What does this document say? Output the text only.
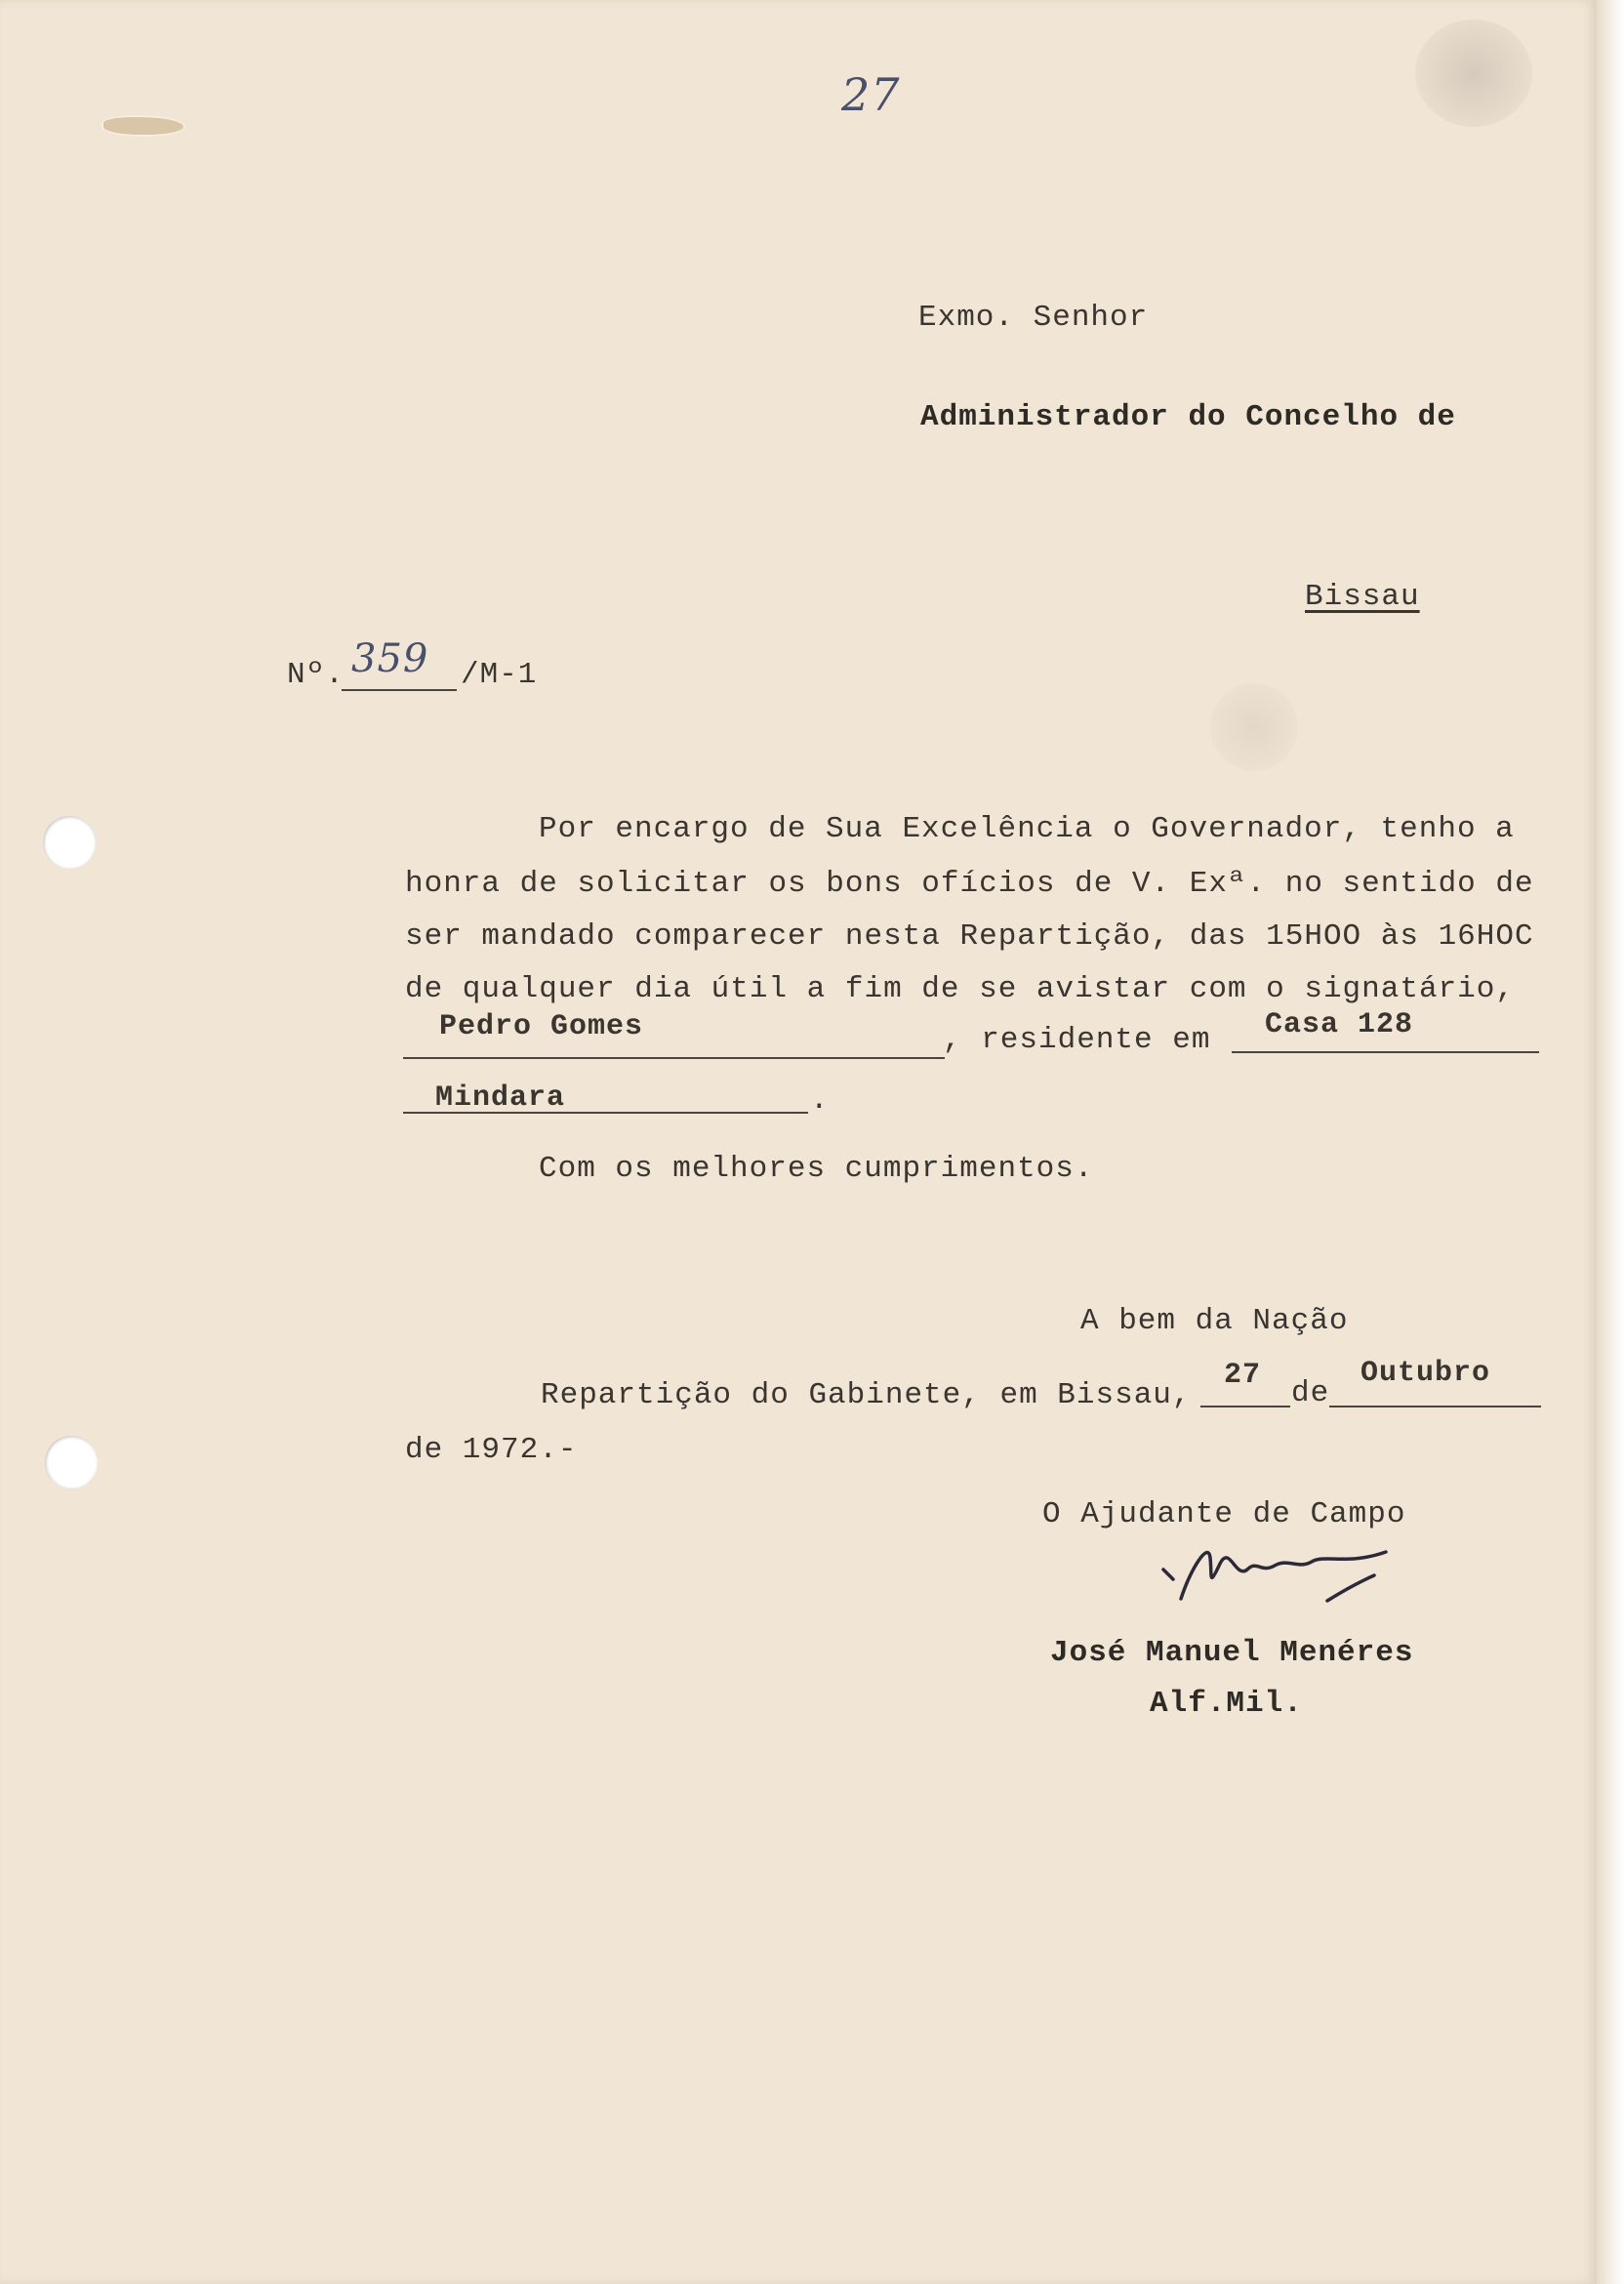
27
Exmo. Senhor
Administrador do Concelho de
Bissau
Nº. 359 /M-1
Por encargo de Sua Excelência o Governador, tenho a
honra de solicitar os bons ofícios de V. Exª. no sentido de
ser mandado comparecer nesta Repartição, das 15HOO às 16HOC
de qualquer dia útil a fim de se avistar com o signatário,
Pedro Gomes	, residente em Casa 128
Mindara	.
Com os melhores cumprimentos.
A bem da Nação
Repartição do Gabinete, em Bissau,
27
de
Outubro
de 1972.-
O Ajudante de Campo
José Manuel Menéres
Alf.Mil.
